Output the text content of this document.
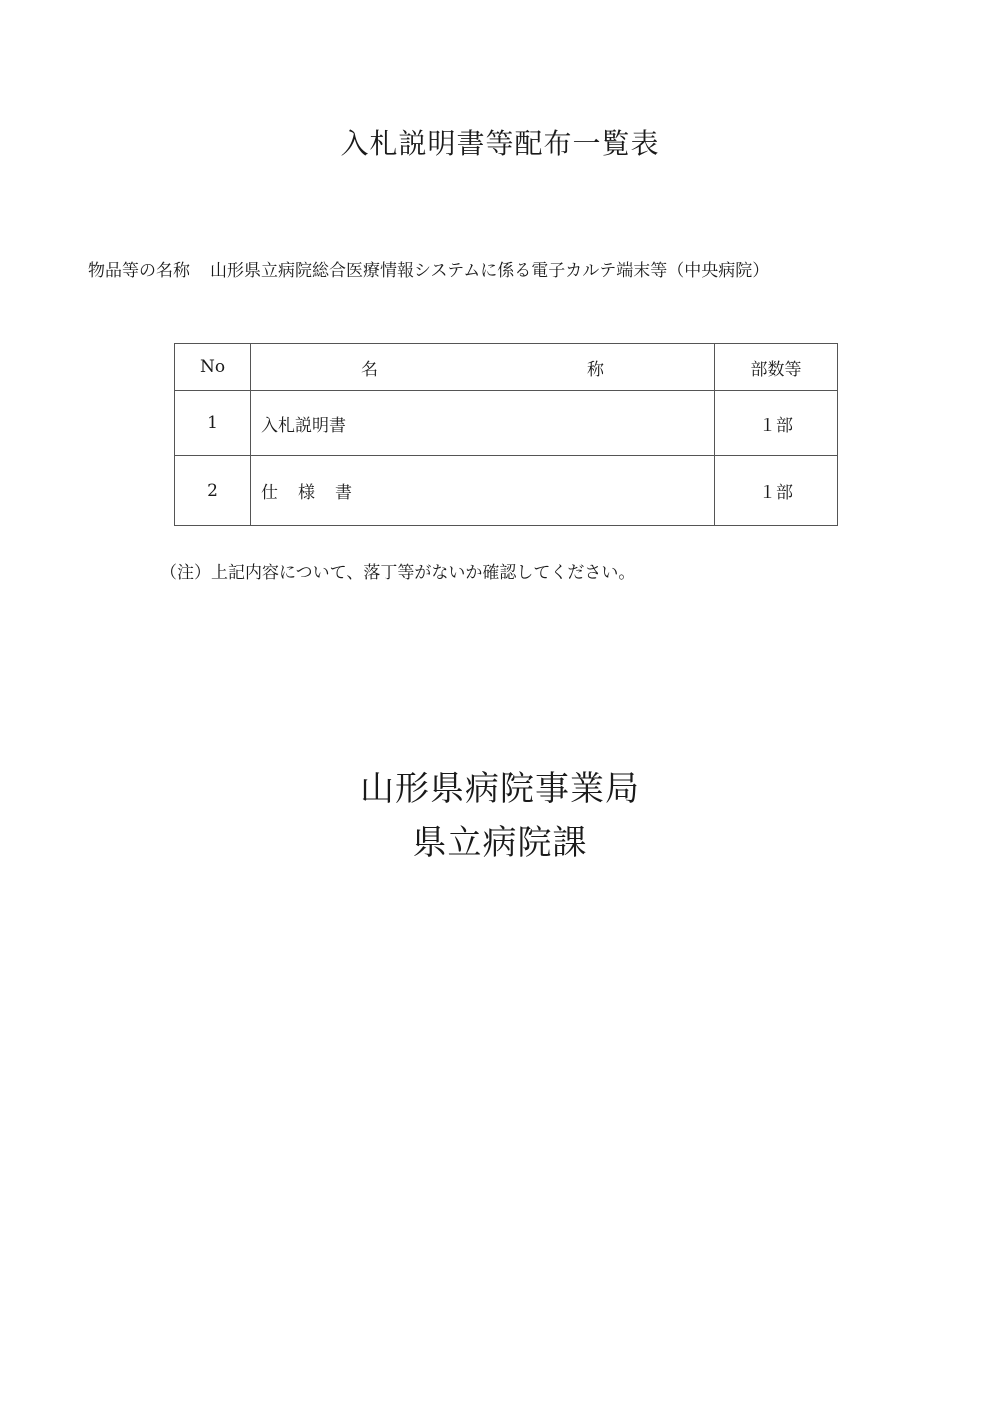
入札説明書等配布一覧表
物品等の名称 山形県立病院総合医療情報システムに係る電子カルテ端末等（中央病院）
No	名 称	部数等
1	入札説明書	１部
2	仕 様 書	１部
（注）上記内容について、落丁等がないか確認してください。
山形県病院事業局
県立病院課
